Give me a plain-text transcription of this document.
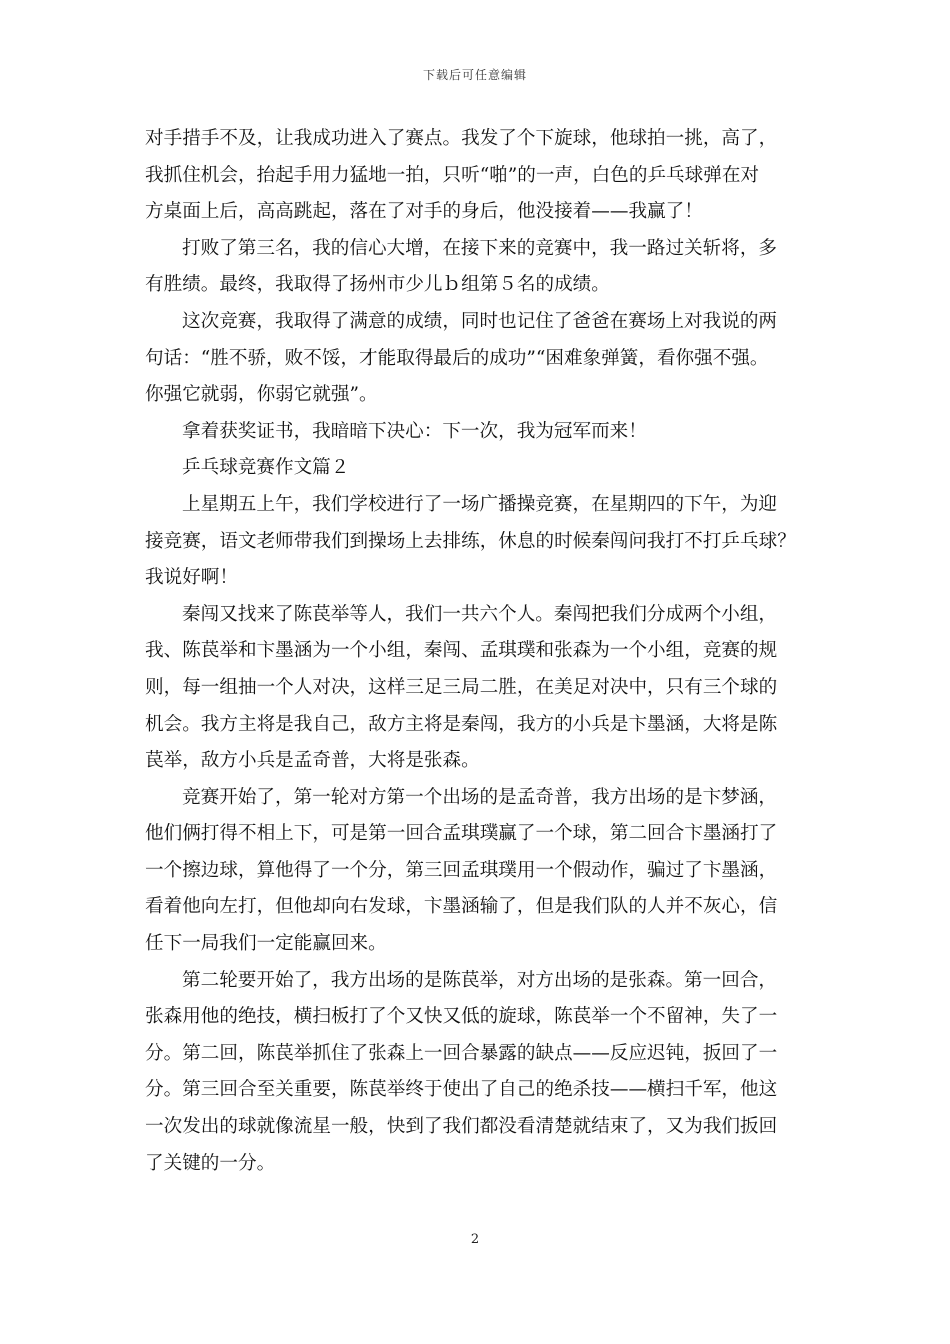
下载后可任意编辑
对手措手不及，让我成功进入了赛点。我发了个下旋球，他球拍一挑，高了，
我抓住机会，抬起手用力猛地一拍，只听“啪”的一声，白色的乒乓球弹在对
方桌面上后，高高跳起，落在了对手的身后，他没接着——我赢了！
打败了第三名，我的信心大增，在接下来的竞赛中，我一路过关斩将，多
有胜绩。最终，我取得了扬州市少儿ｂ组第５名的成绩。
这次竞赛，我取得了满意的成绩，同时也记住了爸爸在赛场上对我说的两
句话：“胜不骄，败不馁，才能取得最后的成功”“困难象弹簧，看你强不强。
你强它就弱，你弱它就强”。
拿着获奖证书，我暗暗下决心：下一次，我为冠军而来！
乒乓球竞赛作文篇２
上星期五上午，我们学校进行了一场广播操竞赛，在星期四的下午，为迎
接竞赛，语文老师带我们到操场上去排练，休息的时候秦闯问我打不打乒乓球？
我说好啊！
秦闯又找来了陈苠举等人，我们一共六个人。秦闯把我们分成两个小组，
我、陈苠举和卞墨涵为一个小组，秦闯、孟琪璞和张森为一个小组，竞赛的规
则，每一组抽一个人对决，这样三足三局二胜，在美足对决中，只有三个球的
机会。我方主将是我自己，敌方主将是秦闯，我方的小兵是卞墨涵，大将是陈
苠举，敌方小兵是孟奇普，大将是张森。
竞赛开始了，第一轮对方第一个出场的是孟奇普，我方出场的是卞梦涵，
他们俩打得不相上下，可是第一回合孟琪璞赢了一个球，第二回合卞墨涵打了
一个擦边球，算他得了一个分，第三回孟琪璞用一个假动作，骗过了卞墨涵，
看着他向左打，但他却向右发球，卞墨涵输了，但是我们队的人并不灰心，信
任下一局我们一定能赢回来。
第二轮要开始了，我方出场的是陈苠举，对方出场的是张森。第一回合，
张森用他的绝技，横扫板打了个又快又低的旋球，陈苠举一个不留神，失了一
分。第二回，陈苠举抓住了张森上一回合暴露的缺点——反应迟钝，扳回了一
分。第三回合至关重要，陈苠举终于使出了自己的绝杀技——横扫千军，他这
一次发出的球就像流星一般，快到了我们都没看清楚就结束了，又为我们扳回
了关键的一分。
2
